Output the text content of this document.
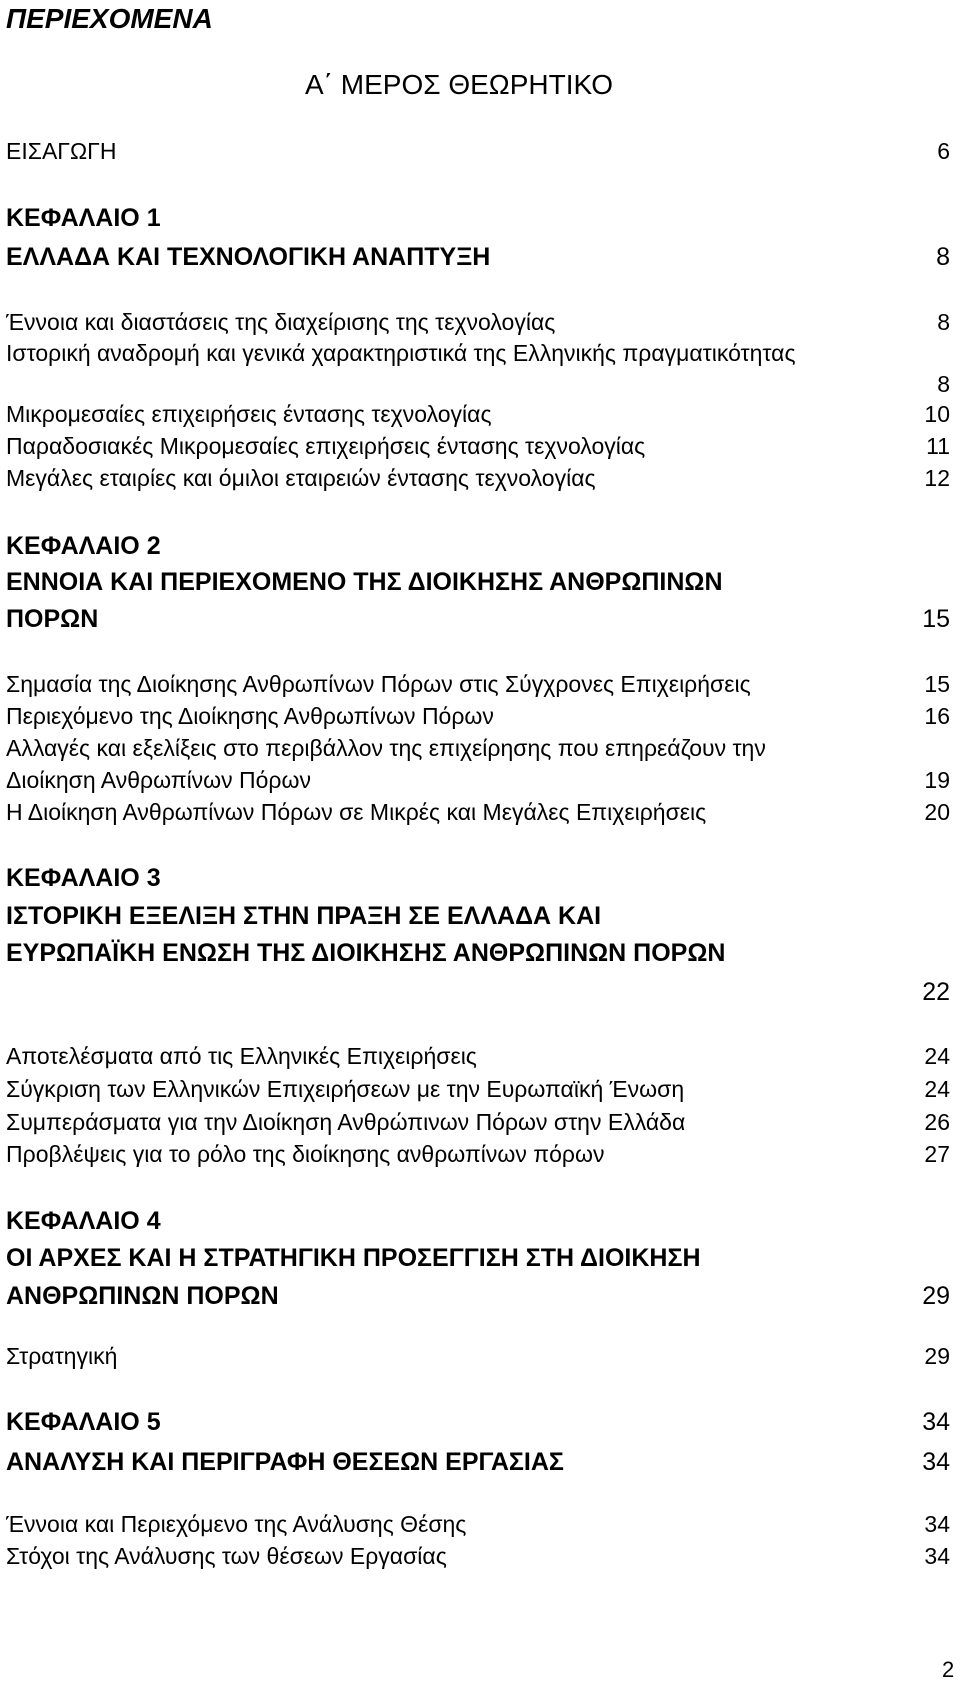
ΠΕΡΙΕΧΟΜΕΝΑ
Α΄ ΜΕΡΟΣ ΘΕΩΡΗΤΙΚΟ
ΕΙΣΑΓΩΓΗ	6
ΚΕΦΑΛΑΙΟ 1
ΕΛΛΑΔΑ ΚΑΙ ΤΕΧΝΟΛΟΓΙΚΗ ΑΝΑΠΤΥΞΗ	8
Έννοια και διαστάσεις της διαχείρισης της τεχνολογίας	8
Ιστορική αναδρομή και γενικά χαρακτηριστικά της Ελληνικής πραγματικότητας
8
Μικρομεσαίες επιχειρήσεις έντασης τεχνολογίας	10
Παραδοσιακές Μικρομεσαίες επιχειρήσεις έντασης τεχνολογίας	11
Μεγάλες εταιρίες και όμιλοι εταιρειών έντασης τεχνολογίας	12
ΚΕΦΑΛΑΙΟ 2
ΕΝΝΟΙΑ ΚΑΙ ΠΕΡΙΕΧΟΜΕΝΟ ΤΗΣ ΔΙΟΙΚΗΣΗΣ ΑΝΘΡΩΠΙΝΩΝ
ΠΟΡΩΝ	15
Σημασία της Διοίκησης Ανθρωπίνων Πόρων στις Σύγχρονες Επιχειρήσεις	15
Περιεχόμενο της Διοίκησης Ανθρωπίνων Πόρων	16
Αλλαγές και εξελίξεις στο περιβάλλον της επιχείρησης που επηρεάζουν την
Διοίκηση Ανθρωπίνων Πόρων	19
Η Διοίκηση Ανθρωπίνων Πόρων σε Μικρές και Μεγάλες Επιχειρήσεις	20
ΚΕΦΑΛΑΙΟ 3
ΙΣΤΟΡΙΚΗ ΕΞΕΛΙΞΗ ΣΤΗΝ ΠΡΑΞΗ ΣΕ ΕΛΛΑΔΑ ΚΑΙ
ΕΥΡΩΠΑΪΚΗ ΕΝΩΣΗ ΤΗΣ ΔΙΟΙΚΗΣΗΣ ΑΝΘΡΩΠΙΝΩΝ ΠΟΡΩΝ
22
Αποτελέσματα από τις Ελληνικές Επιχειρήσεις	24
Σύγκριση των Ελληνικών Επιχειρήσεων με την Ευρωπαϊκή Ένωση	24
Συμπεράσματα για την Διοίκηση Ανθρώπινων Πόρων στην Ελλάδα	26
Προβλέψεις για το ρόλο της διοίκησης ανθρωπίνων πόρων	27
ΚΕΦΑΛΑΙΟ 4
ΟΙ ΑΡΧΕΣ ΚΑΙ Η ΣΤΡΑΤΗΓΙΚΗ ΠΡΟΣΕΓΓΙΣΗ ΣΤΗ ΔΙΟΙΚΗΣΗ
ΑΝΘΡΩΠΙΝΩΝ ΠΟΡΩΝ	29
Στρατηγική	29
ΚΕΦΑΛΑΙΟ 5	34
ΑΝΑΛΥΣΗ ΚΑΙ ΠΕΡΙΓΡΑΦΗ ΘΕΣΕΩΝ ΕΡΓΑΣΙΑΣ	34
Έννοια και Περιεχόμενο της Ανάλυσης Θέσης	34
Στόχοι της Ανάλυσης των θέσεων Εργασίας	34
2
